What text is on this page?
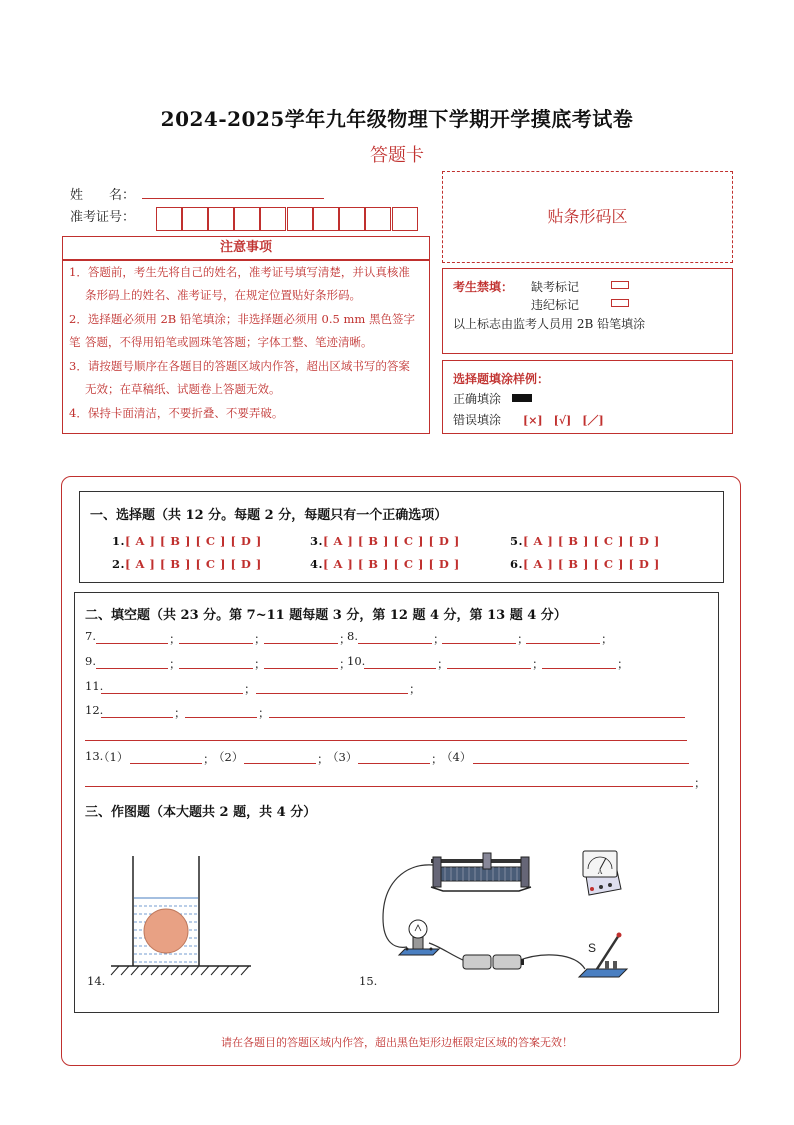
2024-2025学年九年级物理下学期开学摸底考试卷
答题卡
姓　　名：
准考证号：	贴条形码区
注意事项
1．答题前，考生先将自己的姓名，准考证号填写清楚，并认真核准
条形码上的姓名、准考证号，在规定位置贴好条形码。
2．选择题必须用 2B 铅笔填涂；非选择题必须用 0.5 mm 黑色签字笔 答题，不得用铅笔或圆珠笔答题；字体工整、笔迹清晰。
3．请按题号顺序在各题目的答题区域内作答，超出区域书写的答案
无效；在草稿纸、试题卷上答题无效。
4．保持卡面清洁，不要折叠、不要弄破。
考生禁填： 缺考标记
违纪标记
以上标志由监考人员用 2B 铅笔填涂
选择题填涂样例：
正确填涂
错误填涂 [×]　[√]　[／]
一、选择题（共 12 分。每题 2 分，每题只有一个正确选项）
1.[ A ] [ B ] [ C ] [ D ]	3.[ A ] [ B ] [ C ] [ D ]	5.[ A ] [ B ] [ C ] [ D ]
2.[ A ] [ B ] [ C ] [ D ]	4.[ A ] [ B ] [ C ] [ D ]	6.[ A ] [ B ] [ C ] [ D ]
二、填空题（共 23 分。第 7~11 题每题 3 分，第 12 题 4 分，第 13 题 4 分）
7.	；	；	；
8.	；	；	；
9.	；	；	；
10.	；	；	；
11.	；	；
12.	；	；
13.
（1）	；
（2）	；
（3）	；
（4）
；
三、作图题（本大题共 2 题，共 4 分）
14.
A
S
15.
请在各题目的答题区域内作答，超出黑色矩形边框限定区域的答案无效！
